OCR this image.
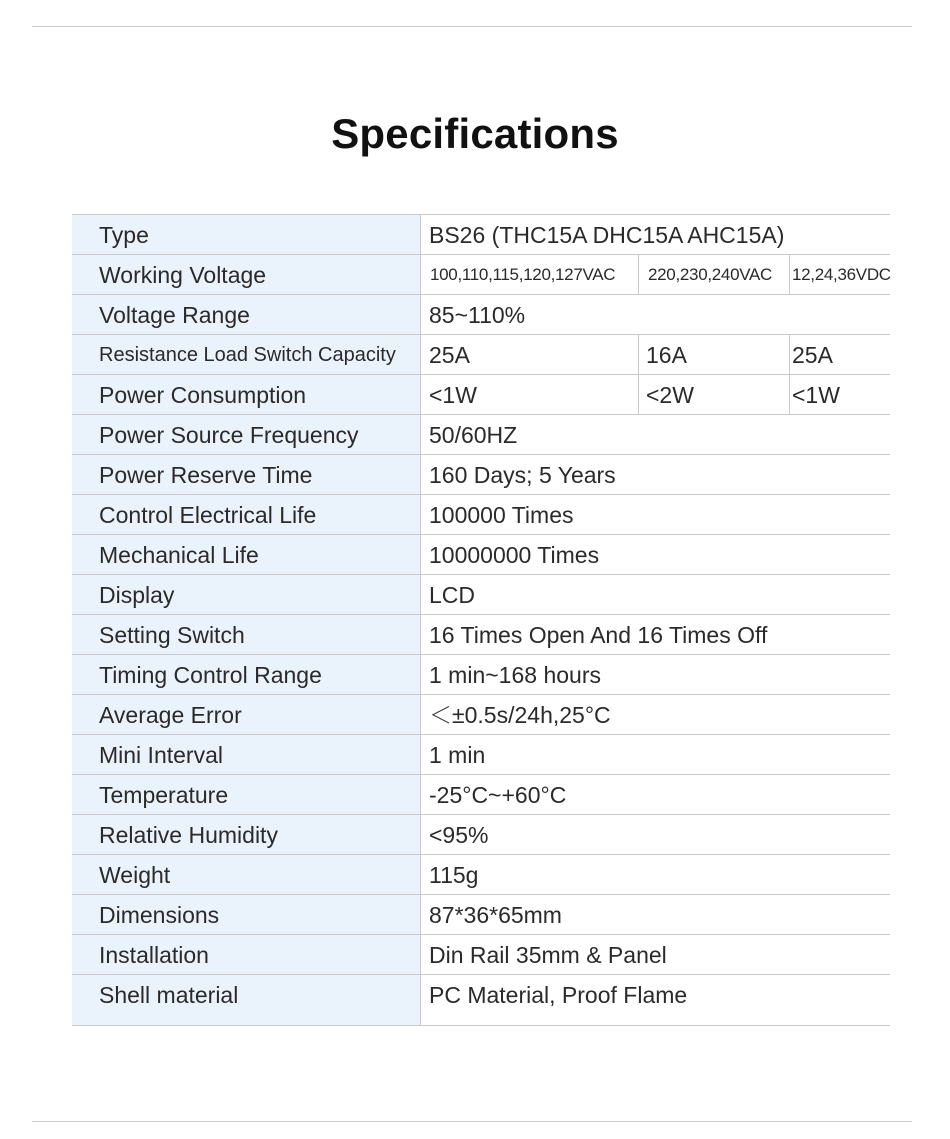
Specifications
Type	BS26 (THC15A DHC15A AHC15A)
Working Voltage	100,110,115,120,127VAC	220,230,240VAC	12,24,36VDC
Voltage Range	85~110%
Resistance Load Switch Capacity	25A	16A	25A
Power Consumption	<1W	<2W	<1W
Power Source Frequency	50/60HZ
Power Reserve Time	160 Days; 5 Years
Control Electrical Life	100000 Times
Mechanical Life	10000000 Times
Display	LCD
Setting Switch	16 Times Open And 16 Times Off
Timing Control Range	1 min~168 hours
Average Error	＜±0.5s/24h,25°C
Mini Interval	1 min
Temperature	-25°C~+60°C
Relative Humidity	<95%
Weight	115g
Dimensions	87*36*65mm
Installation	Din Rail 35mm & Panel
Shell material	PC Material, Proof Flame
